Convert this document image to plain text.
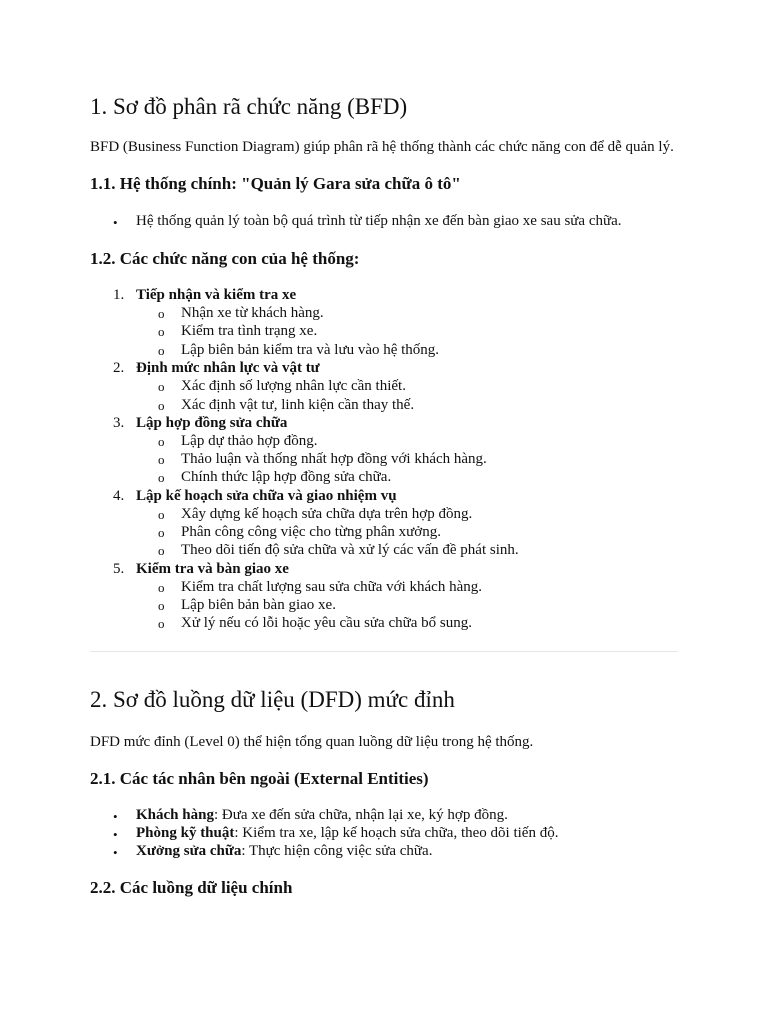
1. Sơ đồ phân rã chức năng (BFD)

BFD (Business Function Diagram) giúp phân rã hệ thống thành các chức năng con để dễ quản lý.

1.1. Hệ thống chính: "Quản lý Gara sửa chữa ô tô"
• Hệ thống quản lý toàn bộ quá trình từ tiếp nhận xe đến bàn giao xe sau sửa chữa.
1.2. Các chức năng con của hệ thống:
1. Tiếp nhận và kiểm tra xe
o Nhận xe từ khách hàng.
o Kiểm tra tình trạng xe.
o Lập biên bản kiểm tra và lưu vào hệ thống.
2. Định mức nhân lực và vật tư
o Xác định số lượng nhân lực cần thiết.
o Xác định vật tư, linh kiện cần thay thế.
3. Lập hợp đồng sửa chữa
o Lập dự thảo hợp đồng.
o Thảo luận và thống nhất hợp đồng với khách hàng.
o Chính thức lập hợp đồng sửa chữa.
4. Lập kế hoạch sửa chữa và giao nhiệm vụ
o Xây dựng kế hoạch sửa chữa dựa trên hợp đồng.
o Phân công công việc cho từng phân xưởng.
o Theo dõi tiến độ sửa chữa và xử lý các vấn đề phát sinh.
5. Kiểm tra và bàn giao xe
o Kiểm tra chất lượng sau sửa chữa với khách hàng.
o Lập biên bản bàn giao xe.
o Xử lý nếu có lỗi hoặc yêu cầu sửa chữa bổ sung.
2. Sơ đồ luồng dữ liệu (DFD) mức đỉnh

DFD mức đỉnh (Level 0) thể hiện tổng quan luồng dữ liệu trong hệ thống.

2.1. Các tác nhân bên ngoài (External Entities)
• Khách hàng: Đưa xe đến sửa chữa, nhận lại xe, ký hợp đồng.
• Phòng kỹ thuật: Kiểm tra xe, lập kế hoạch sửa chữa, theo dõi tiến độ.
• Xưởng sửa chữa: Thực hiện công việc sửa chữa.
2.2. Các luồng dữ liệu chính
